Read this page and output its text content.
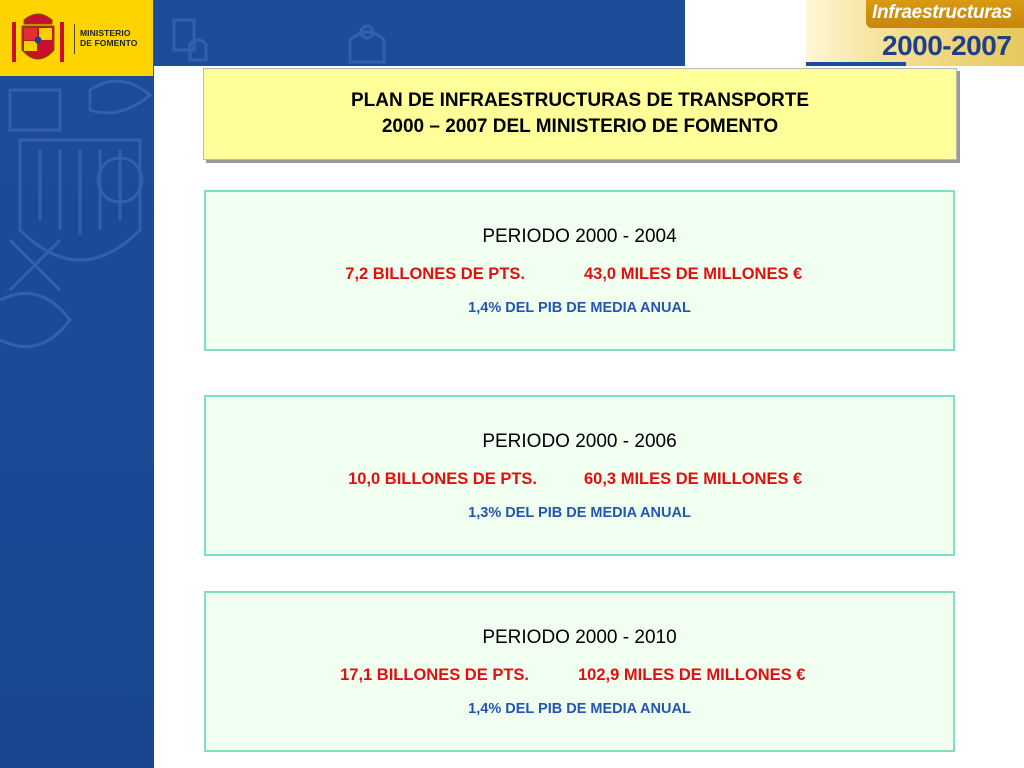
MINISTERIO
DE FOMENTO
Infraestructuras
2000-2007
PLAN DE INFRAESTRUCTURAS DE TRANSPORTE
2000 – 2007 DEL MINISTERIO DE FOMENTO
PERIODO 2000 - 2004
7,2 BILLONES DE PTS.	43,0 MILES DE MILLONES €
1,4% DEL PIB DE MEDIA ANUAL
PERIODO 2000 - 2006
10,0 BILLONES DE PTS.	60,3 MILES DE MILLONES €
1,3% DEL PIB DE MEDIA ANUAL
PERIODO 2000 - 2010
17,1 BILLONES DE PTS.	102,9 MILES DE MILLONES €
1,4% DEL PIB DE MEDIA ANUAL
